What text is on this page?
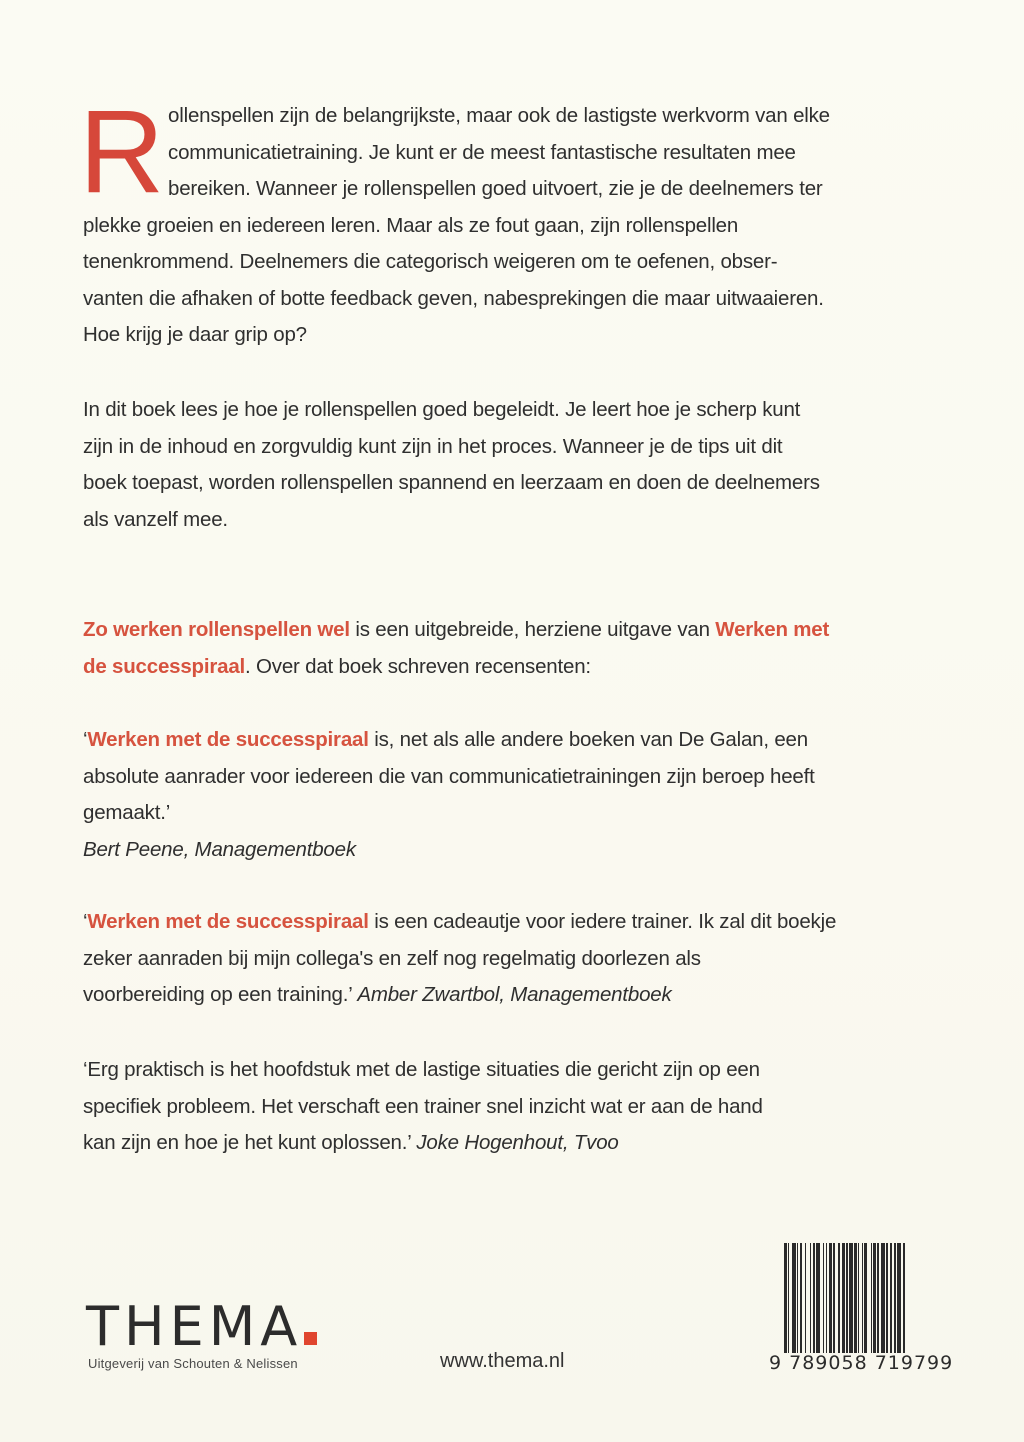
R ollenspellen zijn de belangrijkste, maar ook de lastigste werkvorm van elke
communicatietraining. Je kunt er de meest fantastische resultaten mee
bereiken. Wanneer je rollenspellen goed uitvoert, zie je de deelnemers ter
plekke groeien en iedereen leren. Maar als ze fout gaan, zijn rollenspellen
tenenkrommend. Deelnemers die categorisch weigeren om te oefenen, obser-
vanten die afhaken of botte feedback geven, nabesprekingen die maar uitwaaieren.
Hoe krijg je daar grip op?
In dit boek lees je hoe je rollenspellen goed begeleidt. Je leert hoe je scherp kunt
zijn in de inhoud en zorgvuldig kunt zijn in het proces. Wanneer je de tips uit dit
boek toepast, worden rollenspellen spannend en leerzaam en doen de deelnemers
als vanzelf mee.
Zo werken rollenspellen wel is een uitgebreide, herziene uitgave van Werken met
de successpiraal. Over dat boek schreven recensenten:
‘Werken met de successpiraal is, net als alle andere boeken van De Galan, een
absolute aanrader voor iedereen die van communicatietrainingen zijn beroep heeft
gemaakt.’
Bert Peene, Managementboek
‘Werken met de successpiraal is een cadeautje voor iedere trainer. Ik zal dit boekje
zeker aanraden bij mijn collega's en zelf nog regelmatig doorlezen als
voorbereiding op een training.’ Amber Zwartbol, Managementboek
‘Erg praktisch is het hoofdstuk met de lastige situaties die gericht zijn op een
specifiek probleem. Het verschaft een trainer snel inzicht wat er aan de hand
kan zijn en hoe je het kunt oplossen.’ Joke Hogenhout, Tvoo
THEMA
Uitgeverij van Schouten & Nelissen	www.thema.nl	9 789058 719799
